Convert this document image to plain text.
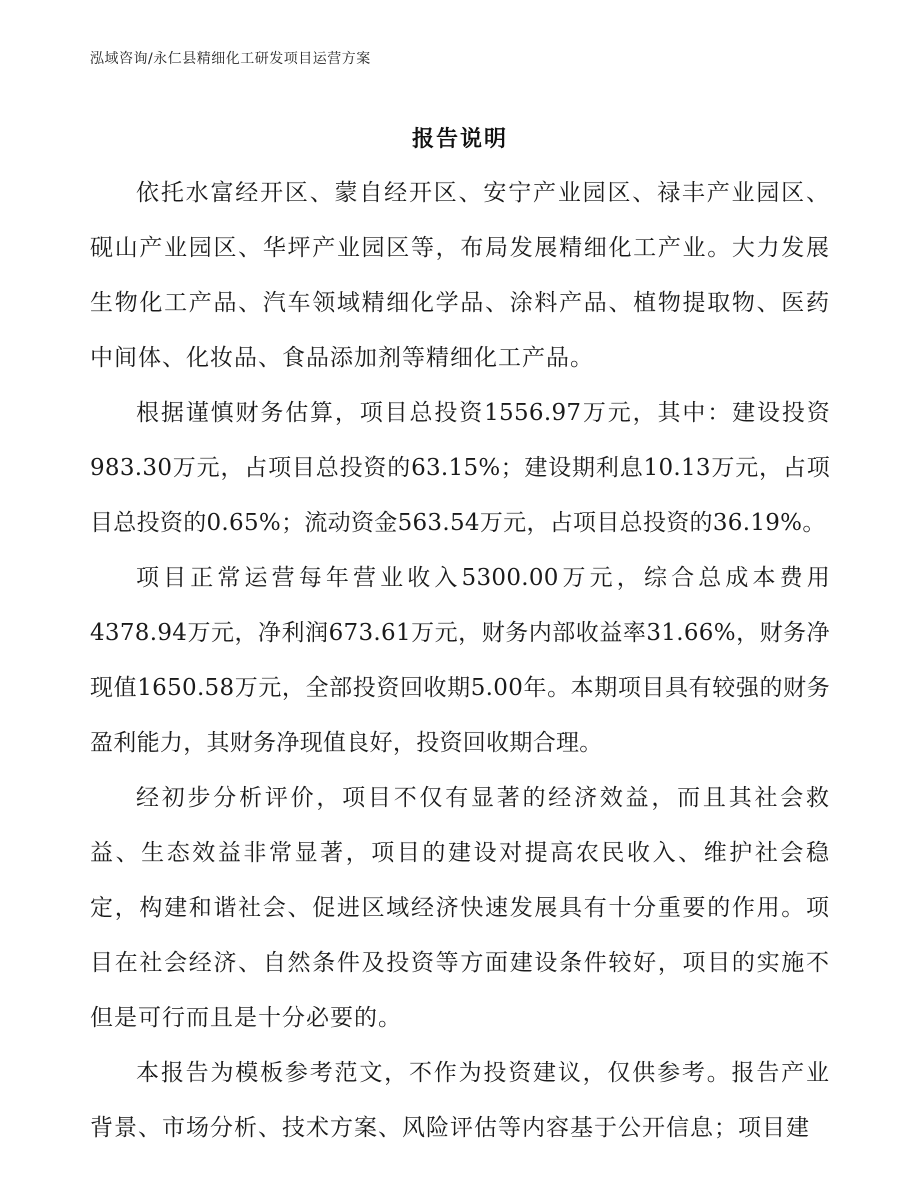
泓域咨询/永仁县精细化工研发项目运营方案
报告说明

依托水富经开区、蒙自经开区、安宁产业园区、禄丰产业园区、砚山产业园区、华坪产业园区等，布局发展精细化工产业。大力发展生物化工产品、汽车领域精细化学品、涂料产品、植物提取物、医药中间体、化妆品、食品添加剂等精细化工产品。

根据谨慎财务估算，项目总投资1556.97万元，其中：建设投资983.30万元，占项目总投资的63.15%；建设期利息10.13万元，占项目总投资的0.65%；流动资金563.54万元，占项目总投资的36.19%。

项目正常运营每年营业收入5300.00万元，综合总成本费用4378.94万元，净利润673.61万元，财务内部收益率31.66%，财务净现值1650.58万元，全部投资回收期5.00年。本期项目具有较强的财务盈利能力，其财务净现值良好，投资回收期合理。

经初步分析评价，项目不仅有显著的经济效益，而且其社会救益、生态效益非常显著，项目的建设对提高农民收入、维护社会稳定，构建和谐社会、促进区域经济快速发展具有十分重要的作用。项目在社会经济、自然条件及投资等方面建设条件较好，项目的实施不但是可行而且是十分必要的。

本报告为模板参考范文，不作为投资建议，仅供参考。报告产业背景、市场分析、技术方案、风险评估等内容基于公开信息；项目建
